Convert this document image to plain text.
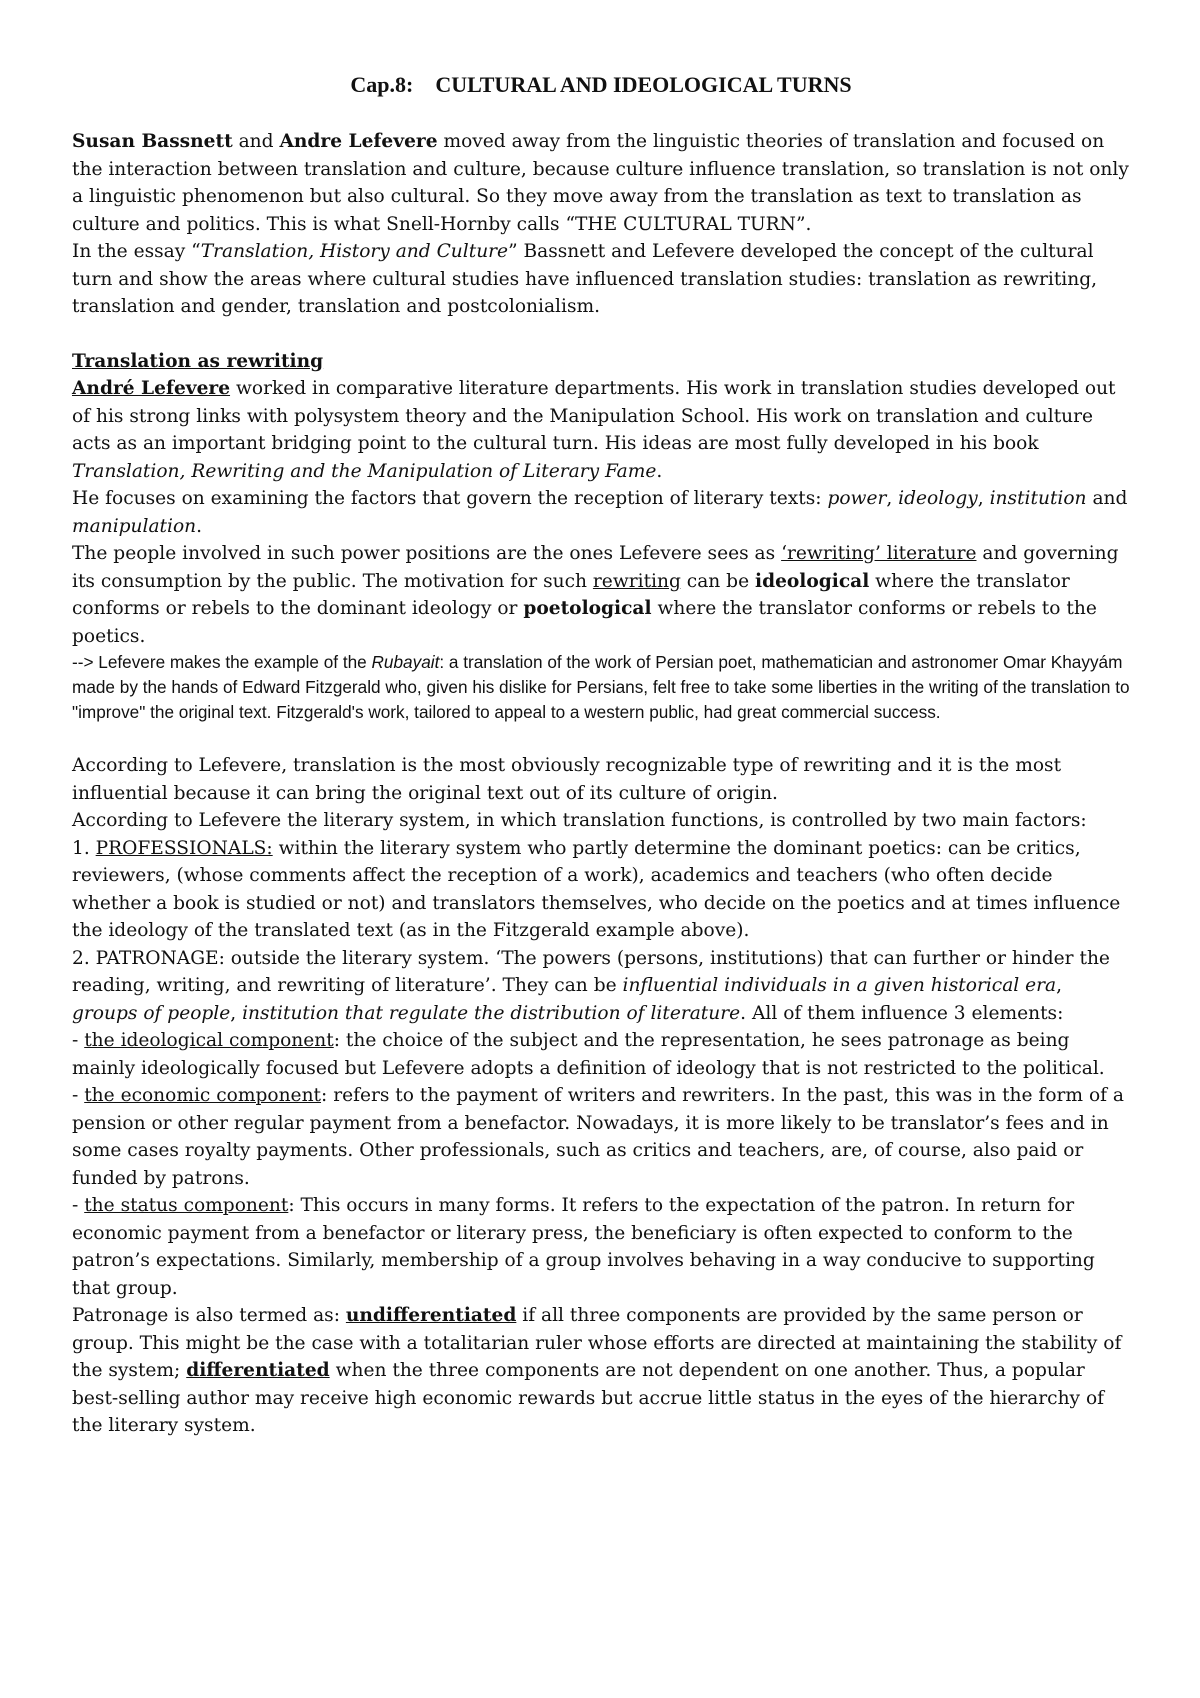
Cap.8: CULTURAL AND IDEOLOGICAL TURNS

Susan Bassnett and Andre Lefevere moved away from the linguistic theories of translation and focused on the interaction between translation and culture, because culture influence translation, so translation is not only a linguistic phenomenon but also cultural. So they move away from the translation as text to translation as culture and politics. This is what Snell-Hornby calls “THE CULTURAL TURN”.

In the essay “Translation, History and Culture” Bassnett and Lefevere developed the concept of the cultural turn and show the areas where cultural studies have influenced translation studies: translation as rewriting, translation and gender, translation and postcolonialism.

Translation as rewriting

André Lefevere worked in comparative literature departments. His work in translation studies developed out of his strong links with polysystem theory and the Manipulation School. His work on translation and culture acts as an important bridging point to the cultural turn. His ideas are most fully developed in his book Translation, Rewriting and the Manipulation of Literary Fame.

He focuses on examining the factors that govern the reception of literary texts: power, ideology, institution and manipulation.

The people involved in such power positions are the ones Lefevere sees as ‘rewriting’ literature and governing its consumption by the public. The motivation for such rewriting can be ideological where the translator conforms or rebels to the dominant ideology or poetological where the translator conforms or rebels to the poetics.

--> Lefevere makes the example of the Rubayait: a translation of the work of Persian poet, mathematician and astronomer Omar Khayyám made by the hands of Edward Fitzgerald who, given his dislike for Persians, felt free to take some liberties in the writing of the translation to "improve" the original text. Fitzgerald's work, tailored to appeal to a western public, had great commercial success.

According to Lefevere, translation is the most obviously recognizable type of rewriting and it is the most influential because it can bring the original text out of its culture of origin.

According to Lefevere the literary system, in which translation functions, is controlled by two main factors:

1. PROFESSIONALS: within the literary system who partly determine the dominant poetics: can be critics, reviewers, (whose comments affect the reception of a work), academics and teachers (who often decide whether a book is studied or not) and translators themselves, who decide on the poetics and at times influence the ideology of the translated text (as in the Fitzgerald example above).

2. PATRONAGE: outside the literary system. ‘The powers (persons, institutions) that can further or hinder the reading, writing, and rewriting of literature’. They can be influential individuals in a given historical era, groups of people, institution that regulate the distribution of literature. All of them influence 3 elements:

- the ideological component: the choice of the subject and the representation, he sees patronage as being mainly ideologically focused but Lefevere adopts a definition of ideology that is not restricted to the political.

- the economic component: refers to the payment of writers and rewriters. In the past, this was in the form of a pension or other regular payment from a benefactor. Nowadays, it is more likely to be translator’s fees and in some cases royalty payments. Other professionals, such as critics and teachers, are, of course, also paid or funded by patrons.

- the status component: This occurs in many forms. It refers to the expectation of the patron. In return for economic payment from a benefactor or literary press, the beneficiary is often expected to conform to the patron’s expectations. Similarly, membership of a group involves behaving in a way conducive to supporting that group.

Patronage is also termed as: undifferentiated if all three components are provided by the same person or group. This might be the case with a totalitarian ruler whose efforts are directed at maintaining the stability of the system; differentiated when the three components are not dependent on one another. Thus, a popular best-selling author may receive high economic rewards but accrue little status in the eyes of the hierarchy of the literary system.
